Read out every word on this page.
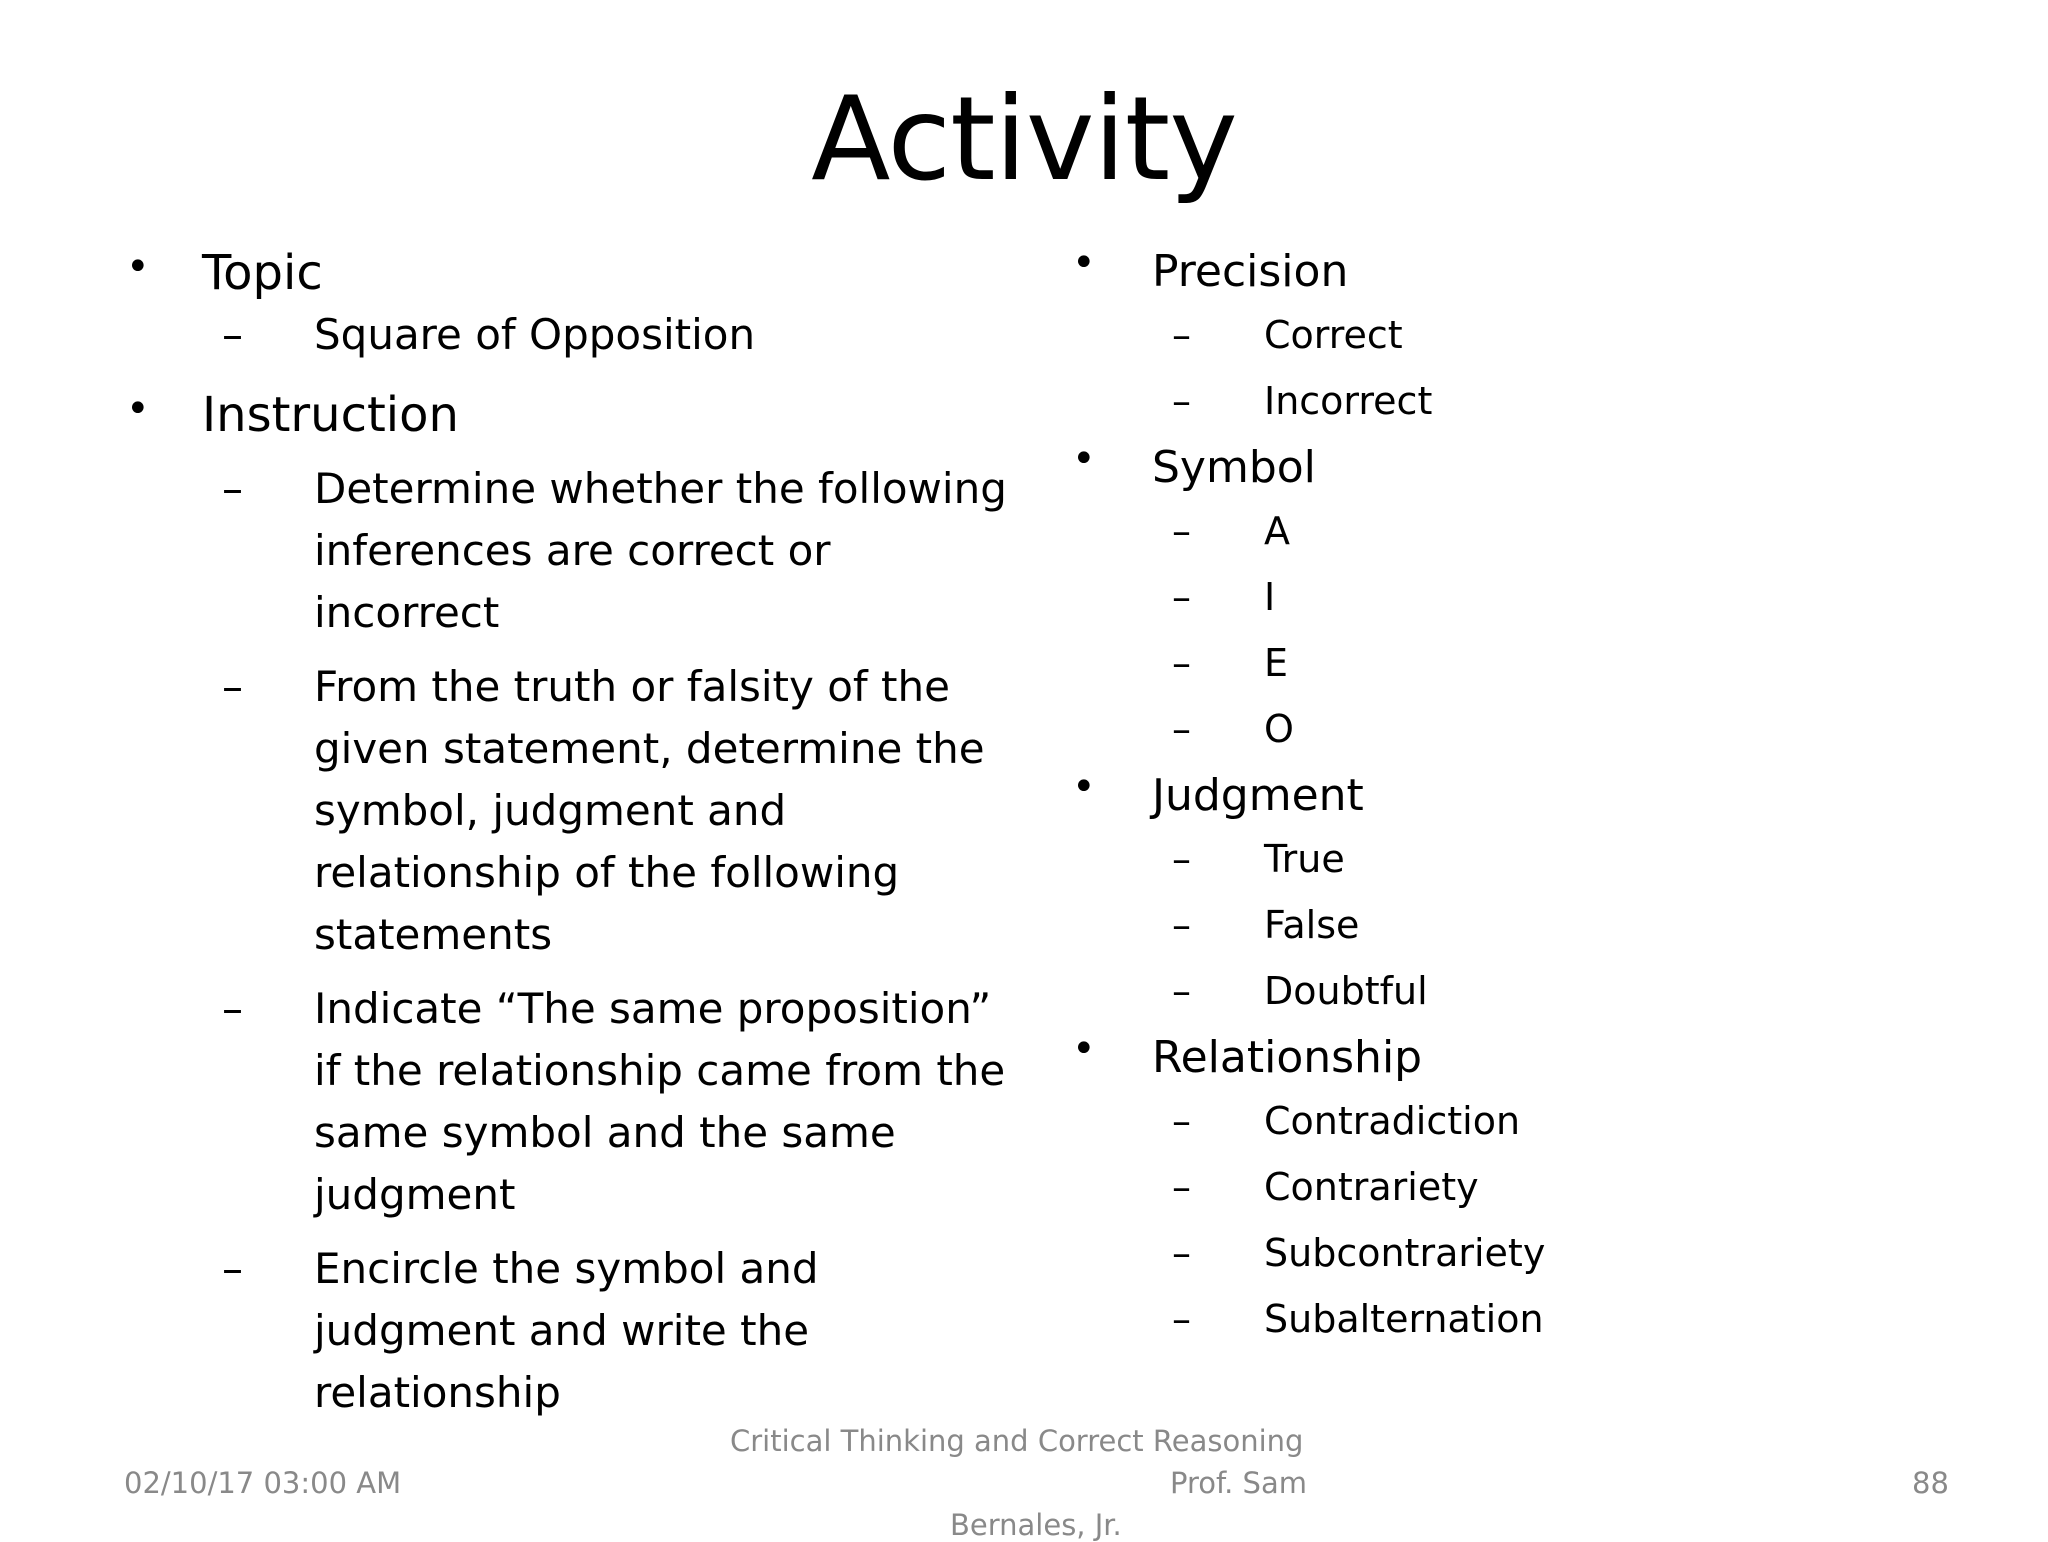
Activity
• Topic
– Square of Opposition
• Instruction
– Determine whether the following inferences are correct or incorrect
– From the truth or falsity of the given statement, determine the symbol, judgment and relationship of the following statements
– Indicate “The same proposition” if the relationship came from the same symbol and the same judgment
– Encircle the symbol and judgment and write the relationship
• Precision
– Correct
– Incorrect
• Symbol
– A
– I
– E
– O
• Judgment
– True
– False
– Doubtful
• Relationship
– Contradiction
– Contrariety
– Subcontrariety
– Subalternation
02/10/17 03:00 AM
Critical Thinking and Correct Reasoning
Prof. Sam
Bernales, Jr.
88
